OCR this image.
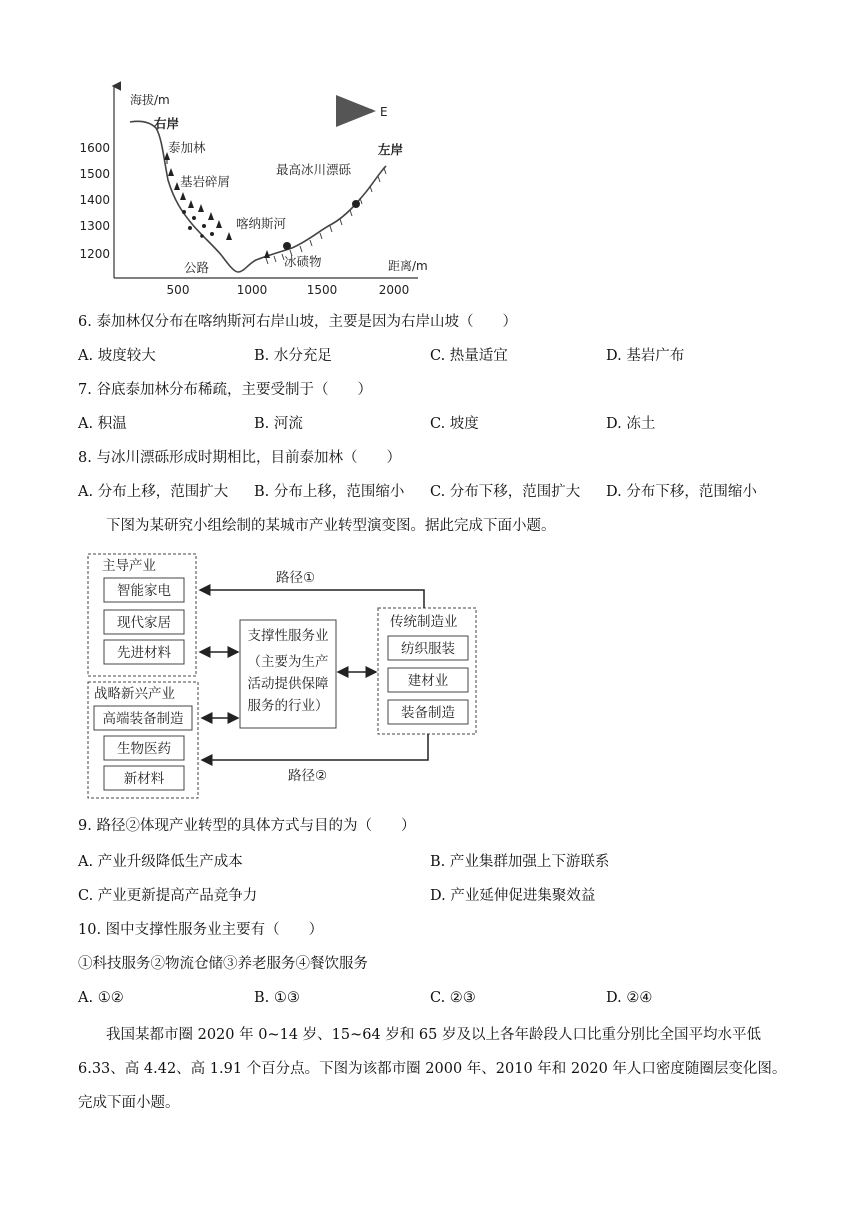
海拔/m
距离/m
1600
1500
1400
1300
1200
500	1000	1500	2000
E
右岸
泰加林
基岩碎屑
喀纳斯河
最高冰川漂砾
左岸
公路	冰碛物
6. 泰加林仅分布在喀纳斯河右岸山坡，主要是因为右岸山坡（　　）
A. 坡度较大	B. 水分充足	C. 热量适宜	D. 基岩广布
7. 谷底泰加林分布稀疏，主要受制于（　　）
A. 积温	B. 河流	C. 坡度	D. 冻土
8. 与冰川漂砾形成时期相比，目前泰加林（　　）
A. 分布上移，范围扩大 B. 分布上移，范围缩小 C. 分布下移，范围扩大 D. 分布下移，范围缩小
下图为某研究小组绘制的某城市产业转型演变图。据此完成下面小题。
主导产业
智能家电
现代家居
先进材料
战略新兴产业
高端装备制造
生物医药
新材料
支撑性服务业
（主要为生产
活动提供保障
服务的行业）
传统制造业
纺织服装
建材业
装备制造
路径①
路径②
9. 路径②体现产业转型的具体方式与目的为（　　）
A. 产业升级降低生产成本	B. 产业集群加强上下游联系
C. 产业更新提高产品竞争力	D. 产业延伸促进集聚效益
10. 图中支撑性服务业主要有（　　）
①科技服务②物流仓储③养老服务④餐饮服务
A. ①②	B. ①③	C. ②③	D. ②④
我国某都市圈 2020 年 0~14 岁、15~64 岁和 65 岁及以上各年龄段人口比重分别比全国平均水平低 6.33、高 4.42、高 1.91 个百分点。下图为该都市圈 2000 年、2010 年和 2020 年人口密度随圈层变化图。完成下面小题。
